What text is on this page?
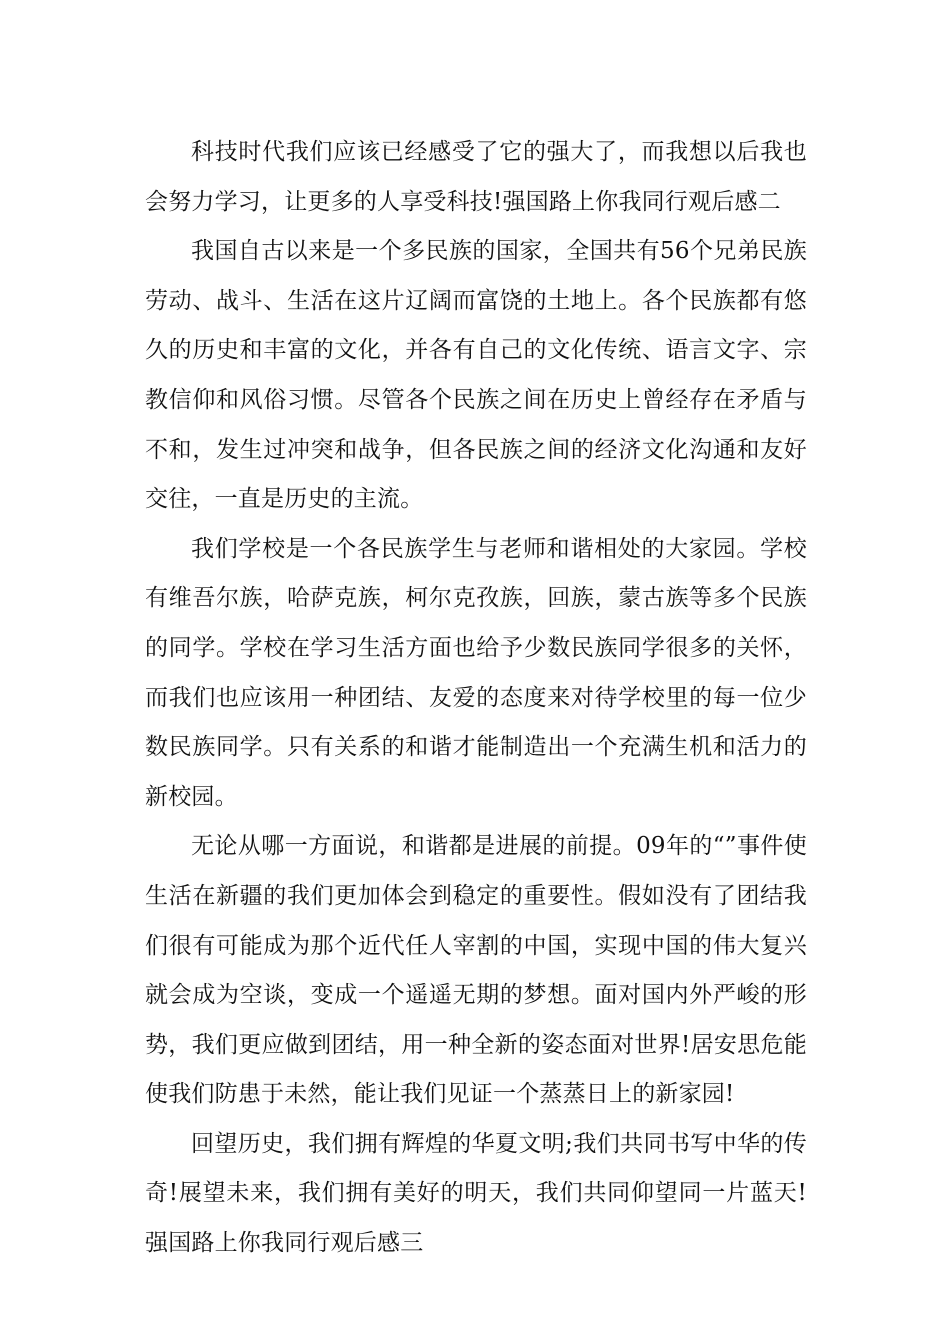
科技时代我们应该已经感受了它的强大了，而我想以后我也会努力学习，让更多的人享受科技!强国路上你我同行观后感二

我国自古以来是一个多民族的国家，全国共有56个兄弟民族劳动、战斗、生活在这片辽阔而富饶的土地上。各个民族都有悠久的历史和丰富的文化，并各有自己的文化传统、语言文字、宗教信仰和风俗习惯。尽管各个民族之间在历史上曾经存在矛盾与不和，发生过冲突和战争，但各民族之间的经济文化沟通和友好交往，一直是历史的主流。

我们学校是一个各民族学生与老师和谐相处的大家园。学校有维吾尔族，哈萨克族，柯尔克孜族，回族，蒙古族等多个民族的同学。学校在学习生活方面也给予少数民族同学很多的关怀，而我们也应该用一种团结、友爱的态度来对待学校里的每一位少数民族同学。只有关系的和谐才能制造出一个充满生机和活力的新校园。

无论从哪一方面说，和谐都是进展的前提。09年的“”事件使生活在新疆的我们更加体会到稳定的重要性。假如没有了团结我们很有可能成为那个近代任人宰割的中国，实现中国的伟大复兴就会成为空谈，变成一个遥遥无期的梦想。面对国内外严峻的形势，我们更应做到团结，用一种全新的姿态面对世界!居安思危能使我们防患于未然，能让我们见证一个蒸蒸日上的新家园!

回望历史，我们拥有辉煌的华夏文明;我们共同书写中华的传奇!展望未来，我们拥有美好的明天，我们共同仰望同一片蓝天!强国路上你我同行观后感三
